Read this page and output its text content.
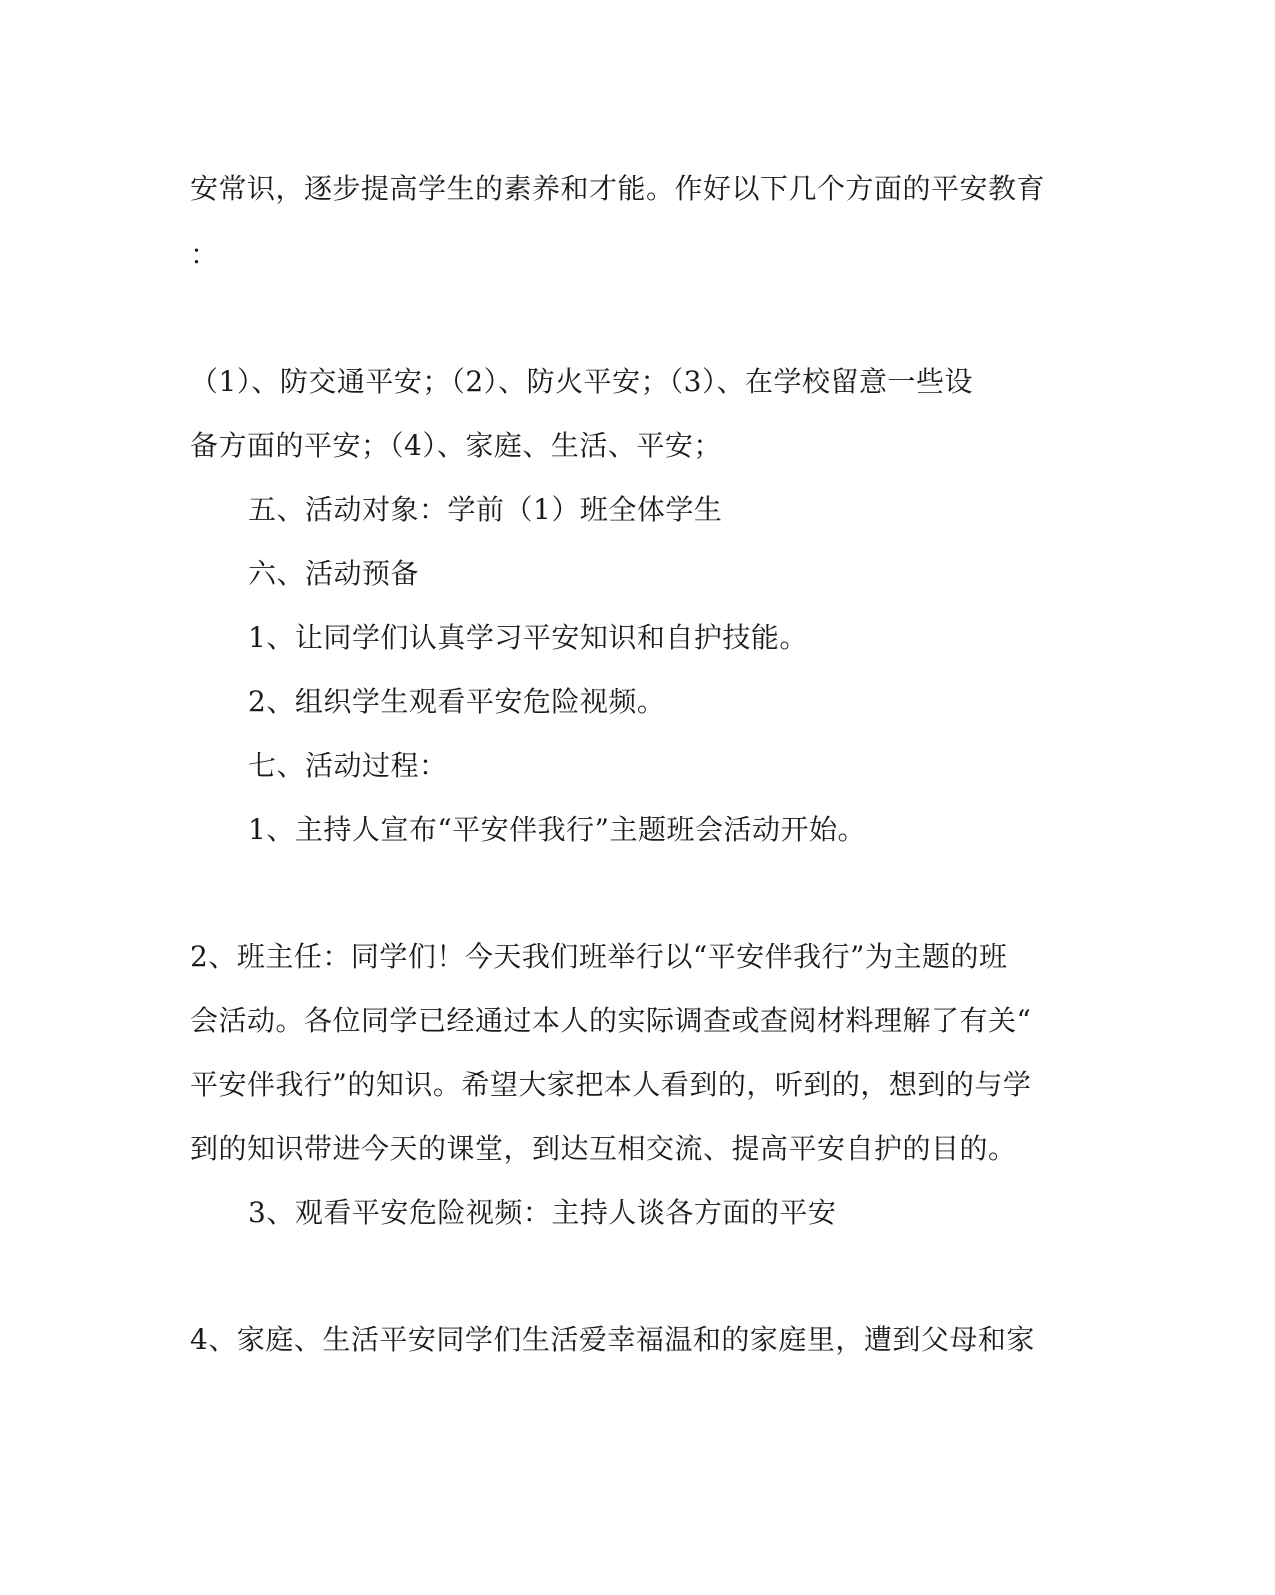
安常识，逐步提高学生的素养和才能。作好以下几个方面的平安教育
：
（1）、防交通平安；（2）、防火平安；（3）、在学校留意一些设
备方面的平安；（4）、家庭、生活、平安；
五、活动对象：学前（1）班全体学生
六、活动预备
1、让同学们认真学习平安知识和自护技能。
2、组织学生观看平安危险视频。
七、活动过程：
1、主持人宣布“平安伴我行”主题班会活动开始。
2、班主任：同学们！今天我们班举行以“平安伴我行”为主题的班
会活动。各位同学已经通过本人的实际调查或查阅材料理解了有关“
平安伴我行”的知识。希望大家把本人看到的，听到的，想到的与学
到的知识带进今天的课堂，到达互相交流、提高平安自护的目的。
3、观看平安危险视频：主持人谈各方面的平安
4、家庭、生活平安同学们生活爱幸福温和的家庭里，遭到父母和家
